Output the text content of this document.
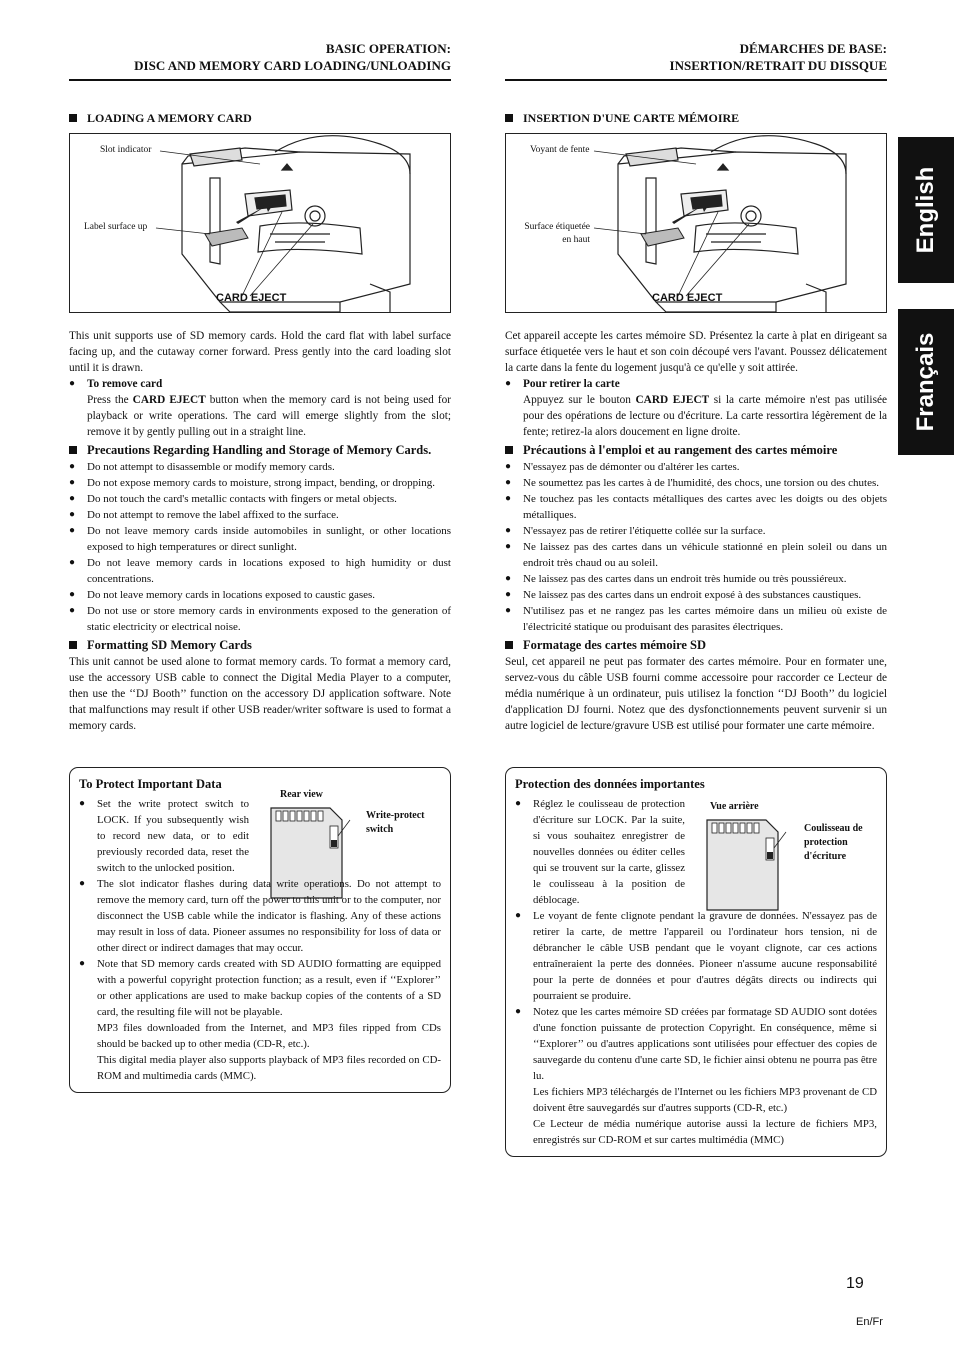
BASIC OPERATION:
DISC AND MEMORY CARD LOADING/UNLOADING
LOADING A MEMORY CARD
Slot indicator
Label surface up
CARD EJECT

This unit supports use of SD memory cards. Hold the card flat with label surface facing up, and the cutaway corner forward. Press gently into the card loading slot until it is drawn.

● To remove card

Press the CARD EJECT button when the memory card is not being used for playback or write operations. The card will emerge slightly from the slot; remove it by gently pulling out in a straight line.

Precautions Regarding Handling and Storage of Memory Cards.
● Do not attempt to disassemble or modify memory cards.
● Do not expose memory cards to moisture, strong impact, bending, or dropping.
● Do not touch the card's metallic contacts with fingers or metal objects.
● Do not attempt to remove the label affixed to the surface.
● Do not leave memory cards inside automobiles in sunlight, or other locations exposed to high temperatures or direct sunlight.
● Do not leave memory cards in locations exposed to high humidity or dust concentrations.
● Do not leave memory cards in locations exposed to caustic gases.
● Do not use or store memory cards in environments exposed to the generation of static electricity or electrical noise.
Formatting SD Memory Cards

This unit cannot be used alone to format memory cards. To format a memory card, use the accessory USB cable to connect the Digital Media Player to a computer, then use the ‘‘DJ Booth’’ function on the accessory DJ application software. Note that malfunctions may result if other USB reader/writer software is used to format a memory cards.

To Protect Important Data
Rear view
Write-protect switch
● Set the write protect switch to LOCK. If you subsequently wish to record new data, or to edit previously recorded data, reset the switch to the unlocked position.
● The slot indicator flashes during data write operations. Do not attempt to remove the memory card, turn off the power to this unit or to the computer, nor disconnect the USB cable while the indicator is flashing. Any of these actions may result in loss of data. Pioneer assumes no responsibility for loss of data or other direct or indirect damages that may occur.
● Note that SD memory cards created with SD AUDIO formatting are equipped with a powerful copyright protection function; as a result, even if ‘‘Explorer’’ or other applications are used to make backup copies of the contents of a SD card, the resulting file will not be playable.

MP3 files downloaded from the Internet, and MP3 files ripped from CDs should be backed up to other media (CD-R, etc.).

This digital media player also supports playback of MP3 files recorded on CD-ROM and multimedia cards (MMC).

DÉMARCHES DE BASE:
INSERTION/RETRAIT DU DISSQUE
INSERTION D'UNE CARTE MÉMOIRE
Voyant de fente
Surface étiquetée
en haut
CARD EJECT

Cet appareil accepte les cartes mémoire SD. Présentez la carte à plat en dirigeant sa surface étiquetée vers le haut et son coin découpé vers l'avant. Poussez délicatement la carte dans la fente du logement jusqu'à ce qu'elle y soit attirée.

● Pour retirer la carte

Appuyez sur le bouton CARD EJECT si la carte mémoire n'est pas utilisée pour des opérations de lecture ou d'écriture. La carte ressortira légèrement de la fente; retirez-la alors doucement en ligne droite.

Précautions à l'emploi et au rangement des cartes mémoire
● N'essayez pas de démonter ou d'altérer les cartes.
● Ne soumettez pas les cartes à de l'humidité, des chocs, une torsion ou des chutes.
● Ne touchez pas les contacts métalliques des cartes avec les doigts ou des objets métalliques.
● N'essayez pas de retirer l'étiquette collée sur la surface.
● Ne laissez pas des cartes dans un véhicule stationné en plein soleil ou dans un endroit très chaud ou au soleil.
● Ne laissez pas des cartes dans un endroit très humide ou très poussiéreux.
● Ne laissez pas des cartes dans un endroit exposé à des substances caustiques.
● N'utilisez pas et ne rangez pas les cartes mémoire dans un milieu où existe de l'électricité statique ou produisant des parasites électriques.
Formatage des cartes mémoire SD

Seul, cet appareil ne peut pas formater des cartes mémoire. Pour en formater une, servez-vous du câble USB fourni comme accessoire pour raccorder ce Lecteur de média numérique à un ordinateur, puis utilisez la fonction ‘‘DJ Booth’’ du logiciel d'application DJ fourni. Notez que des dysfonctionnements peuvent survenir si un autre logiciel de lecture/gravure USB est utilisé pour formater une carte mémoire.

Protection des données importantes
Vue arrière
Coulisseau de protection d'écriture
● Réglez le coulisseau de protection d'écriture sur LOCK. Par la suite, si vous souhaitez enregistrer de nouvelles données ou éditer celles qui se trouvent sur la carte, glissez le coulisseau à la position de déblocage.
● Le voyant de fente clignote pendant la gravure de données. N'essayez pas de retirer la carte, de mettre l'appareil ou l'ordinateur hors tension, ni de débrancher le câble USB pendant que le voyant clignote, car ces actions entraîneraient la perte des données. Pioneer n'assume aucune responsabilité pour la perte de données et pour d'autres dégâts directs ou indirects qui pourraient se produire.
● Notez que les cartes mémoire SD créées par formatage SD AUDIO sont dotées d'une fonction puissante de protection Copyright. En conséquence, même si ‘‘Explorer’’ ou d'autres applications sont utilisées pour effectuer des copies de sauvegarde du contenu d'une carte SD, le fichier ainsi obtenu ne pourra pas être lu.

Les fichiers MP3 téléchargés de l'Internet ou les fichiers MP3 provenant de CD doivent être sauvegardés sur d'autres supports (CD-R, etc.)

Ce Lecteur de média numérique autorise aussi la lecture de fichiers MP3, enregistrés sur CD-ROM et sur cartes multimédia (MMC)

English
Français
19
En/Fr
